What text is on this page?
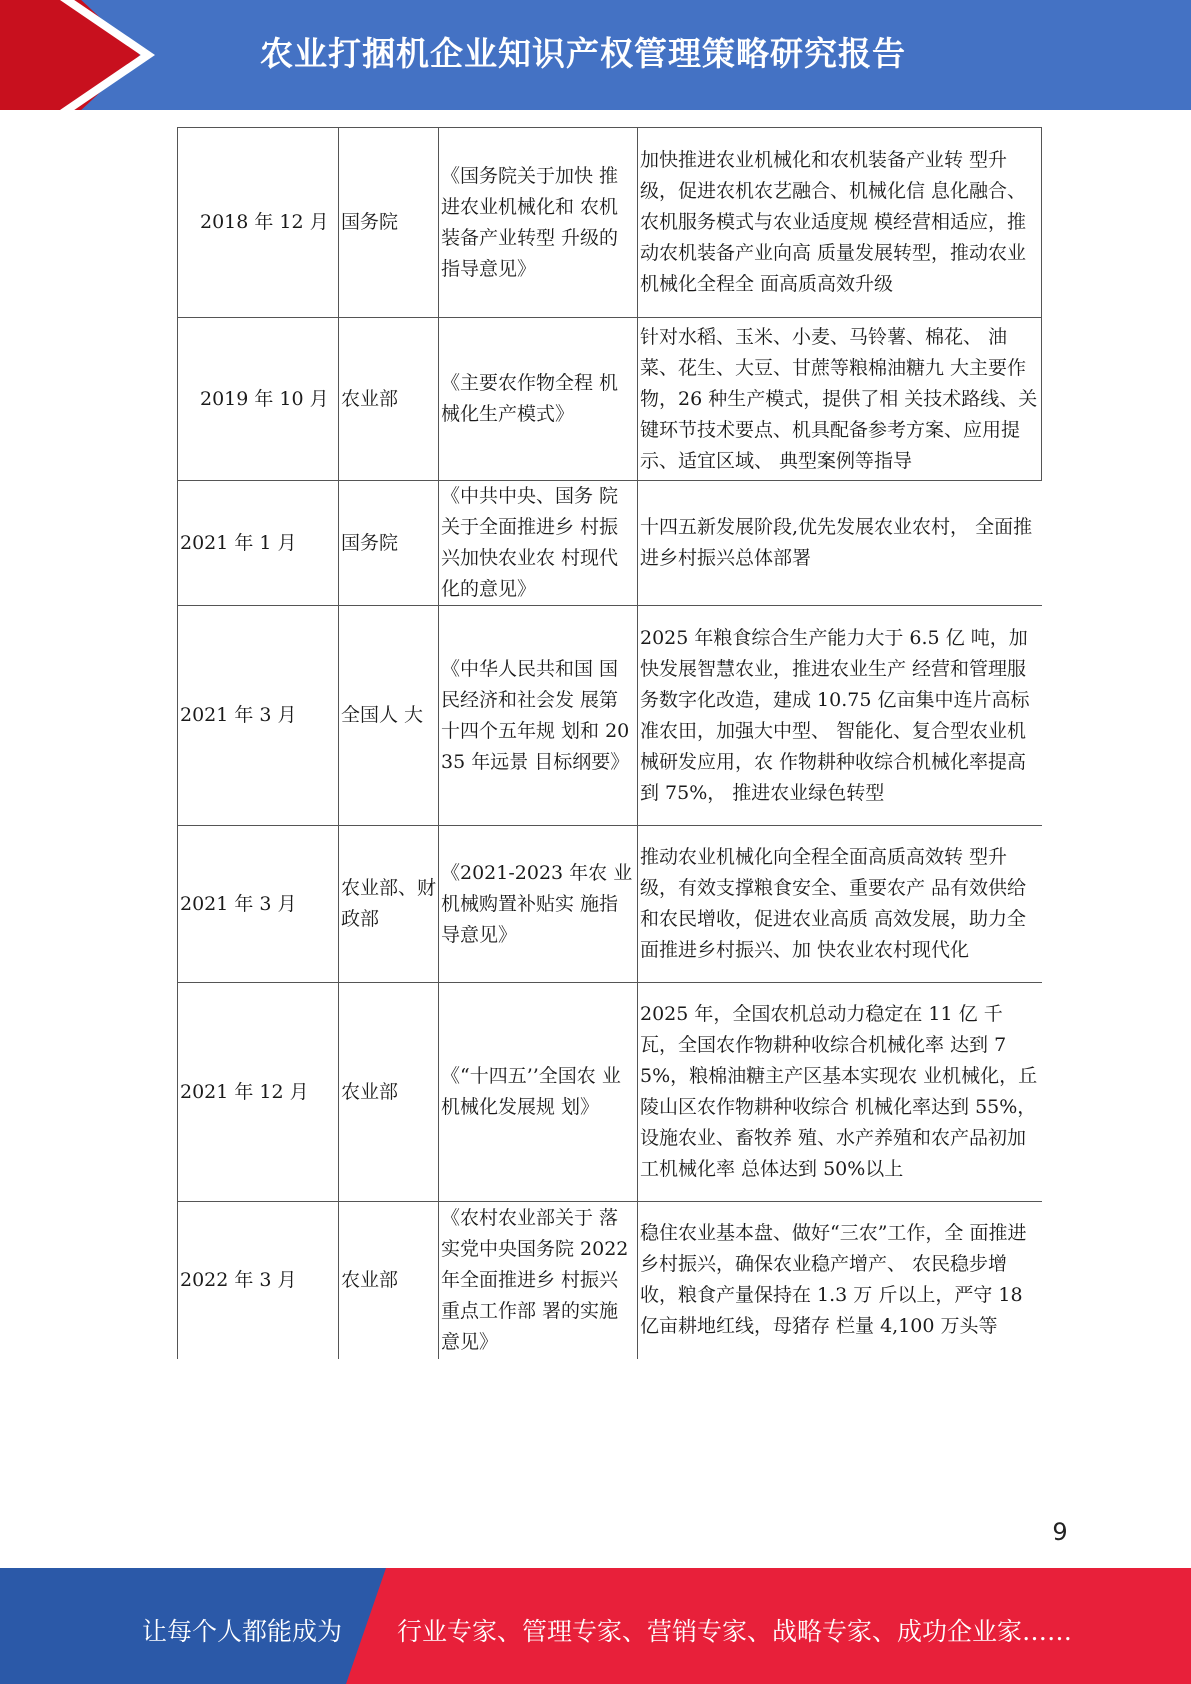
农业打捆机企业知识产权管理策略研究报告
2018 年 12 月	国务院	《国务院关于加快 推进农业机械化和 农机装备产业转型 升级的指导意见》	加快推进农业机械化和农机装备产业转 型升级，促进农机农艺融合、机械化信 息化融合、农机服务模式与农业适度规 模经营相适应，推动农机装备产业向高 质量发展转型，推动农业机械化全程全 面高质高效升级
2019 年 10 月	农业部	《主要农作物全程 机械化生产模式》	针对水稻、玉米、小麦、马铃薯、棉花、 油菜、花生、大豆、甘蔗等粮棉油糖九 大主要作物，26 种生产模式，提供了相 关技术路线、关键环节技术要点、机具配备参考方案、应用提示、适宜区域、 典型案例等指导
2021 年 1 月	国务院	《中共中央、国务 院关于全面推进乡 村振兴加快农业农 村现代化的意见》	十四五新发展阶段,优先发展农业农村， 全面推进乡村振兴总体部署
2021 年 3 月	全国人 大	《中华人民共和国 国民经济和社会发 展第十四个五年规 划和 2035 年远景 目标纲要》	2025 年粮食综合生产能力大于 6.5 亿 吨，加快发展智慧农业，推进农业生产 经营和管理服务数字化改造，建成 10.75 亿亩集中连片高标准农田，加强大中型、 智能化、复合型农业机械研发应用，农 作物耕种收综合机械化率提高到 75%， 推进农业绿色转型
2021 年 3 月	农业部、财政部	《2021-2023 年农 业机械购置补贴实 施指导意见》	推动农业机械化向全程全面高质高效转 型升级，有效支撑粮食安全、重要农产 品有效供给和农民增收，促进农业高质 高效发展，助力全面推进乡村振兴、加 快农业农村现代化
2021 年 12 月	农业部	《“十四五’’全国农 业机械化发展规 划》	2025 年，全国农机总动力稳定在 11 亿 千瓦，全国农作物耕种收综合机械化率 达到 75%，粮棉油糖主产区基本实现农 业机械化，丘陵山区农作物耕种收综合 机械化率达到 55%，设施农业、畜牧养 殖、水产养殖和农产品初加工机械化率 总体达到 50%以上
2022 年 3 月	农业部	《农村农业部关于 落实党中央国务院 2022 年全面推进乡 村振兴重点工作部 署的实施意见》	稳住农业基本盘、做好“三农”工作，全 面推进乡村振兴，确保农业稳产增产、 农民稳步增收，粮食产量保持在 1.3 万 斤以上，严守 18 亿亩耕地红线，母猪存 栏量 4,100 万头等
9
让每个人都能成为 行业专家、管理专家、营销专家、战略专家、成功企业家……
